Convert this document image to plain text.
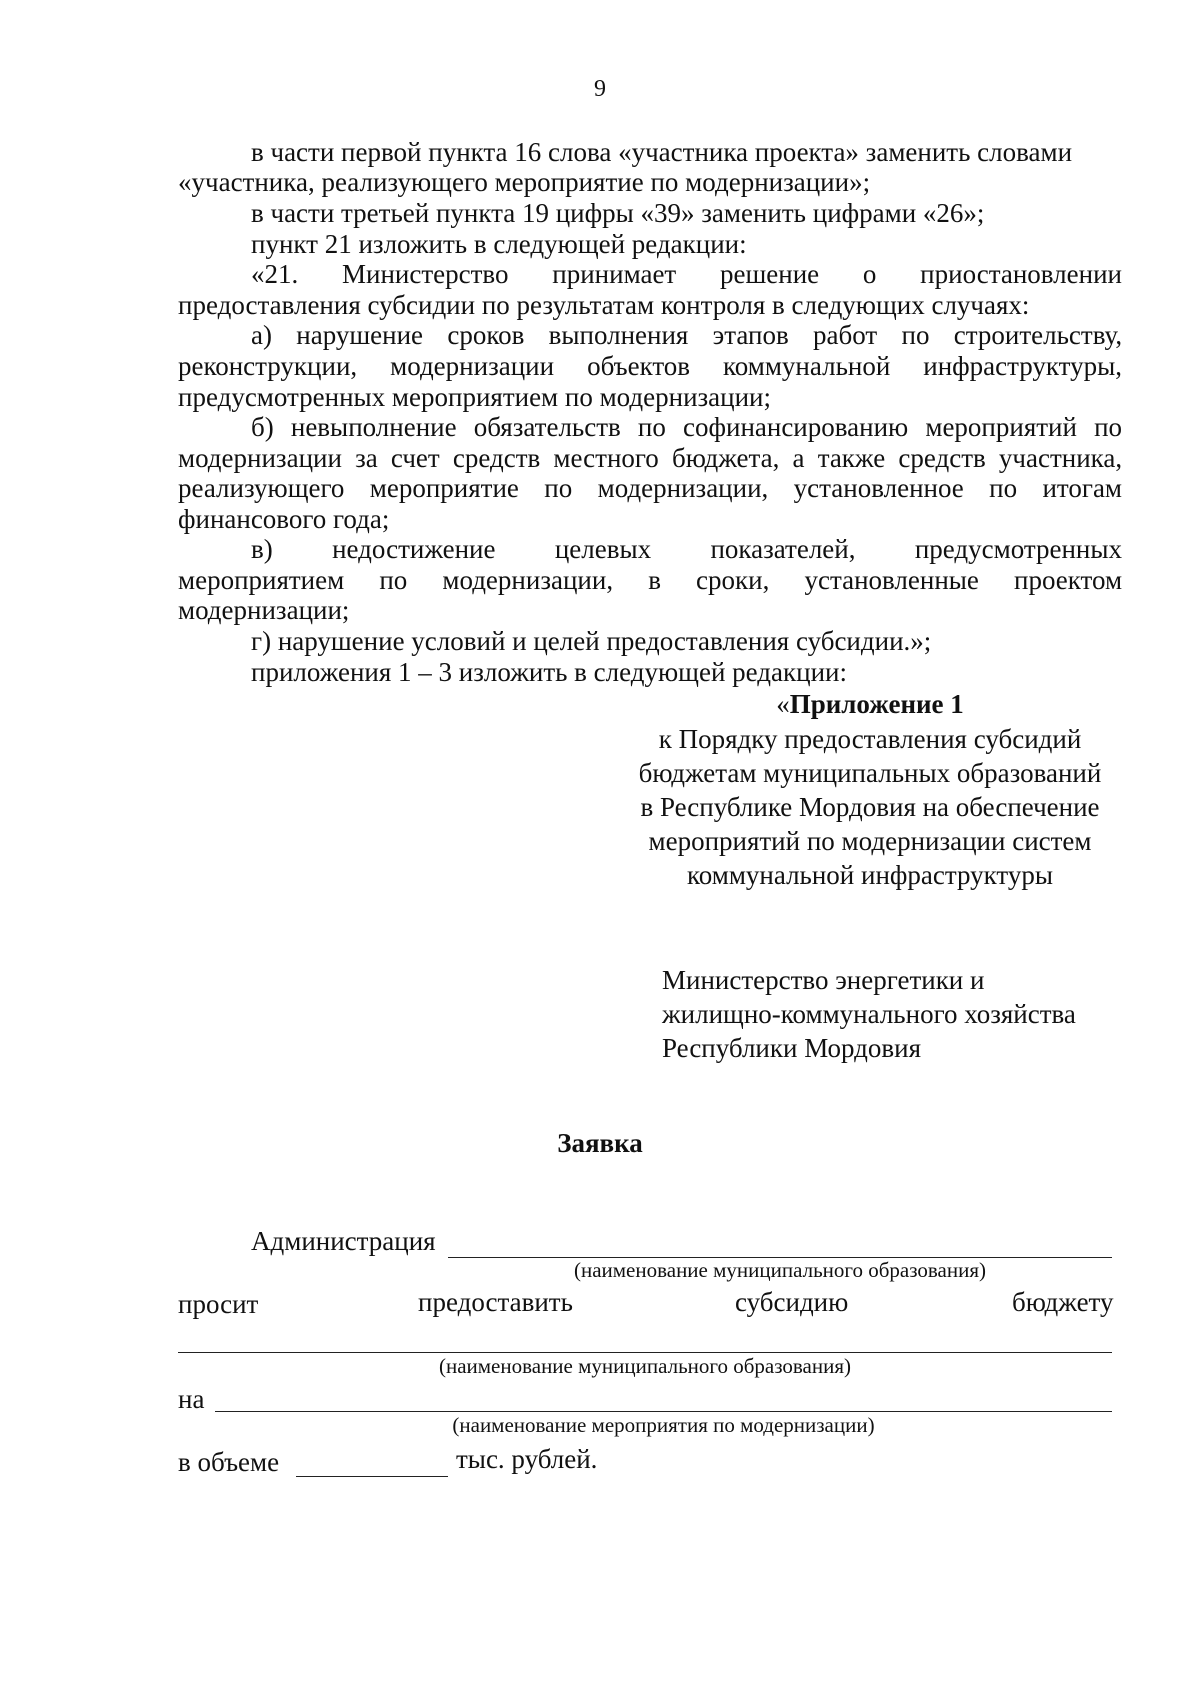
9
в части первой пункта 16 слова «участника проекта» заменить словами
«участника, реализующего мероприятие по модернизации»;
в части третьей пункта 19 цифры «39» заменить цифрами «26»;
пункт 21 изложить в следующей редакции:
«21. Министерство принимает решение о приостановлении
предоставления субсидии по результатам контроля в следующих случаях:
а) нарушение сроков выполнения этапов работ по строительству,
реконструкции, модернизации объектов коммунальной инфраструктуры,
предусмотренных мероприятием по модернизации;
б) невыполнение обязательств по софинансированию мероприятий по
модернизации за счет средств местного бюджета, а также средств участника,
реализующего мероприятие по модернизации, установленное по итогам
финансового года;
в) недостижение целевых показателей, предусмотренных
мероприятием по модернизации, в сроки, установленные проектом
модернизации;
г) нарушение условий и целей предоставления субсидии.»;
приложения 1 – 3 изложить в следующей редакции:
«Приложение 1
к Порядку предоставления субсидий
бюджетам муниципальных образований
в Республике Мордовия на обеспечение
мероприятий по модернизации систем
коммунальной инфраструктуры
Министерство энергетики и
жилищно-коммунального хозяйства
Республики Мордовия
Заявка
Администрация
(наименование муниципального образования)
просит	предоставить	субсидию	бюджету
(наименование муниципального образования)
на
(наименование мероприятия по модернизации)
в объеме	тыс. рублей.
